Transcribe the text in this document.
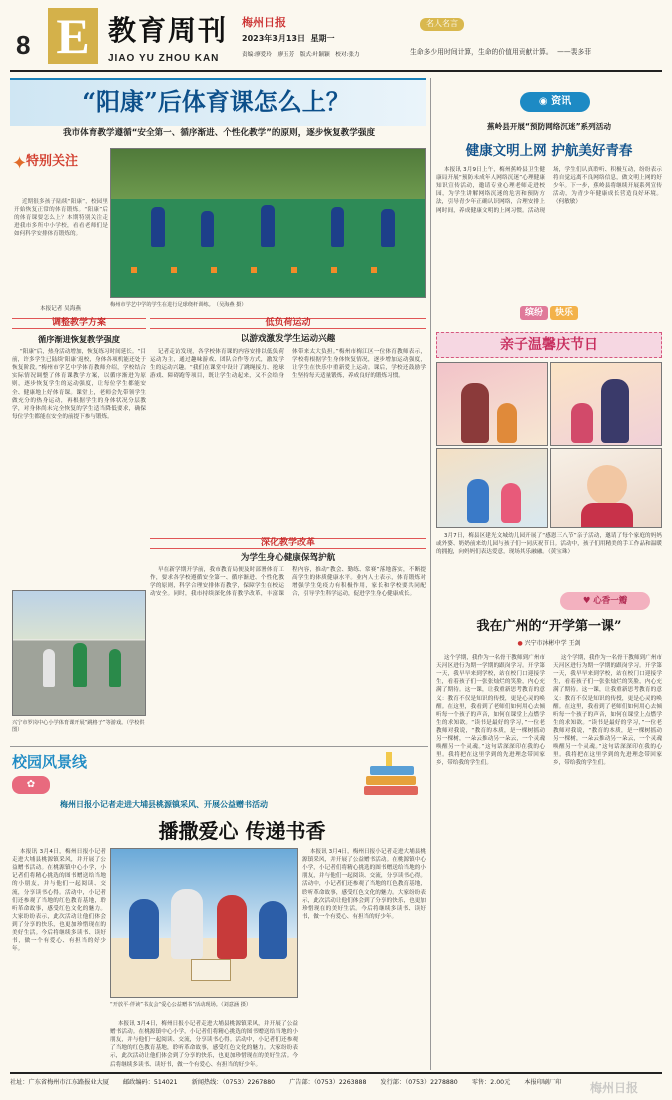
8 E 教育周刊
JIAO YU ZHOU KAN
梅州日报
2023年3月13日 星期一
责编:廖爱玲　廖玉芳　版式:叶颖颖　校对:张力
名人名言
生命多少用时间计算，生命的价值用贡献计算。 ——裴多菲
“阳康”后体育课怎么上？
我市体育教学遵循“安全第一、循序渐进、个性化教学”的原则，逐步恢复教学强度
✦
特别关注

近期很多孩子陆续“阳康”，校园里开始恢复正常的体育锻炼。“阳康”后的体育课要怎么上？本期特别关注走进我市多所中小学校，看看老师们是如何科学安排体育锻炼的。

本报记者 吴海燕
梅州市学艺中学的学生在进行足球绕杆训练。　 （吴海燕 摄）
调整教学方案
循序渐进恢复教学强度

“阳康”后，热身活动增加，恢复练习时间延长。“目前，许多学生已陆续‘阳康’返校，身体各项机能还处于恢复阶段。”梅州市学艺中学体育教师介绍，学校结合实际情况调整了体育课教学方案，以循序渐进为原则，逐步恢复学生的运动强度，让每位学生都能安全、健康地上好体育课。课堂上，老师会先带领学生做充分的热身运动，再根据学生的身体状况分层教学，对身体尚未完全恢复的学生适当降低要求，确保每位学生都能在安全的前提下参与锻炼。

低负荷运动
以游戏激发学生运动兴趣

记者走访发现，各学校体育课的内容安排以低负荷运动为主，通过趣味游戏、团队合作等方式，激发学生的运动兴趣。“我们在课堂中设计了跳绳接力、抢球游戏、障碍跑等项目，既让学生动起来，又不会给身体带来太大负担。”梅州市梅江区一位体育教师表示，学校将根据学生身体恢复情况，逐步增加运动强度，让学生在快乐中重新爱上运动。课后，学校还鼓励学生坚持每天适量锻炼，养成良好的锻炼习惯。

兴宁市罗岗中心小学体育课开展“跳格子”等游戏。（学校供图）
深化教学改革
为学生身心健康保驾护航

早在新学期开学前，我市教育局便及时部署体育工作，要求各学校遵循安全第一、循序渐进、个性化教学的原则，科学合理安排体育教学，保障学生在校运动安全。同时，我市持续深化体育教学改革，丰富课程内容，推动“教会、勤练、常赛”落地落实，不断提高学生的体质健康水平。业内人士表示，体育锻炼对增强学生免疫力有积极作用，家长和学校要共同配合，引导学生科学运动，促进学生身心健康成长。

校园风景线
✿
梅州日报小记者走进大埔县桃源镇采风、开展公益赠书活动
播撒爱心 传递书香

本报讯 3月4日，梅州日报小记者走进大埔县桃源镇采风，并开展了公益赠书活动。在桃源镇中心小学，小记者们将精心挑选的图书赠送给当地的小朋友，并与他们一起阅读、交流，分享读书心得。活动中，小记者们还参观了当地的红色教育基地，聆听革命故事，感受红色文化的魅力。大家纷纷表示，此次活动让他们体会到了分享的快乐，也更加珍惜现在的美好生活。今后将继续多读书、读好书，做一个有爱心、有担当的好少年。

“开放平·伴读”书友会“爱心公益赠书”活动现场。（刘意涵 摄）

本报讯 3月4日，梅州日报小记者走进大埔县桃源镇采风，并开展了公益赠书活动。在桃源镇中心小学，小记者们将精心挑选的图书赠送给当地的小朋友，并与他们一起阅读、交流，分享读书心得。活动中，小记者们还参观了当地的红色教育基地，聆听革命故事，感受红色文化的魅力。大家纷纷表示，此次活动让他们体会到了分享的快乐，也更加珍惜现在的美好生活。今后将继续多读书、读好书，做一个有爱心、有担当的好少年。

本报讯 3月4日，梅州日报小记者走进大埔县桃源镇采风，并开展了公益赠书活动。在桃源镇中心小学，小记者们将精心挑选的图书赠送给当地的小朋友，并与他们一起阅读、交流，分享读书心得。活动中，小记者们还参观了当地的红色教育基地，聆听革命故事，感受红色文化的魅力。大家纷纷表示，此次活动让他们体会到了分享的快乐，也更加珍惜现在的美好生活。今后将继续多读书、读好书，做一个有爱心、有担当的好少年。

◉ 资讯
蕉岭县开展“预防网络沉迷”系列活动
健康文明上网 护航美好青春

本报讯 3月9日上午，梅州蕉岭县卫生健康局开展“预防未成年人网络沉迷”心理健康知识宣传活动，邀请专业心理老师走进校园，为学生讲解网络沉迷的危害和预防方法，引导青少年正确认识网络，合理安排上网时间，养成健康文明的上网习惯。活动现场，学生们认真聆听、积极互动，纷纷表示将自觉远离不良网络信息，做文明上网的好少年。下一步，蕉岭县将继续开展系列宣传活动，为青少年健康成长营造良好环境。（何敏敏）

缤纷 快乐
亲子温馨庆节日

3月7日，梅县区建光文城幼儿园开展了“感恩三八节”亲子活动，邀请了每个家庭的妈妈或外婆、奶奶前来幼儿园与孩子们一同庆祝节日。活动中，孩子们用精美的手工作品和温暖的拥抱，向妈妈们表达爱意，现场其乐融融。（黄宝珠）

♥ 心香一瓣
我在广州的“开学第一课”
● 兴宁市沐彬中学 王剑

这个学期，我作为一名骨干教师到广州市天河区进行为期一学期的跟岗学习。开学第一天，我早早来到学校，站在校门口迎接学生，看着孩子们一张张灿烂的笑脸，内心充满了期待。这一课，让我重新思考教育的意义：教育不仅是知识的传授，更是心灵的唤醒。在这里，我看到了老师们如何用心去倾听每一个孩子的声音，如何在课堂上点燃学生的求知欲。“读书是最好的学习，”一位老教师对我说，“教育的本质，是一棵树摇动另一棵树，一朵云推动另一朵云，一个灵魂唤醒另一个灵魂。”这句话深深印在我的心里。我将把在这里学到的先进理念带回家乡，带给我的学生们。

这个学期，我作为一名骨干教师到广州市天河区进行为期一学期的跟岗学习。开学第一天，我早早来到学校，站在校门口迎接学生，看着孩子们一张张灿烂的笑脸，内心充满了期待。这一课，让我重新思考教育的意义：教育不仅是知识的传授，更是心灵的唤醒。在这里，我看到了老师们如何用心去倾听每一个孩子的声音，如何在课堂上点燃学生的求知欲。“读书是最好的学习，”一位老教师对我说，“教育的本质，是一棵树摇动另一棵树，一朵云推动另一朵云，一个灵魂唤醒另一个灵魂。”这句话深深印在我的心里。我将把在这里学到的先进理念带回家乡，带给我的学生们。

社址：广东省梅州市江东路报业大厦 邮政编码：514021 新闻热线：（0753）2267880 广告部：（0753）2263888 发行部：（0753）2278880 零售：2.00元 本报印刷厂印 梅州日报
